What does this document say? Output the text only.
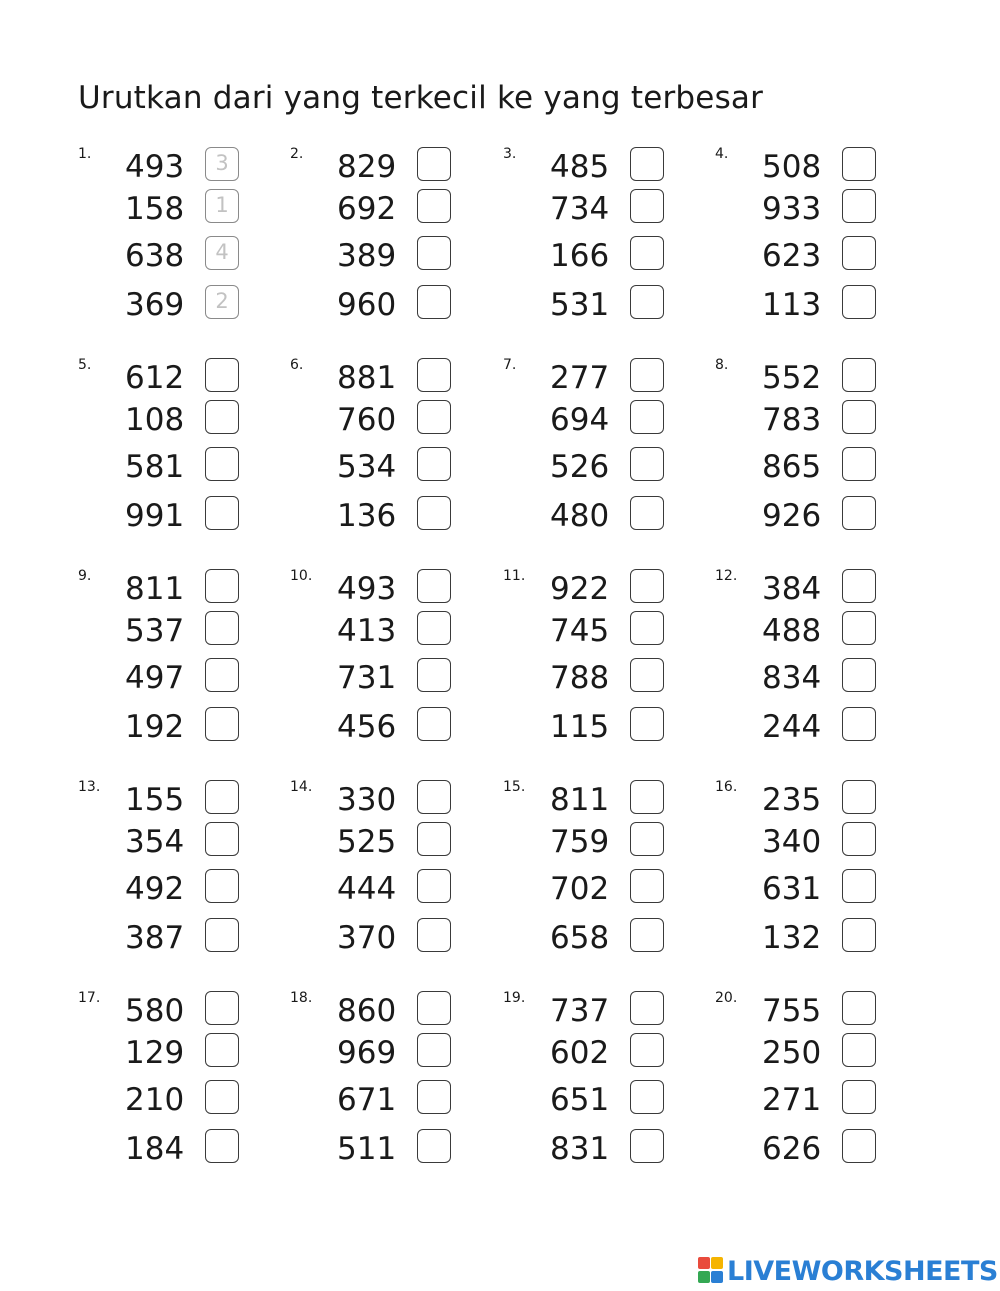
Urutkan dari yang terkecil ke yang terbesar
1.	493	3
158	1
638	4
369	2
2.	829
692
389
960
3.	485
734
166
531
4.	508
933
623
113
5.	612
108
581
991
6.	881
760
534
136
7.	277
694
526
480
8.	552
783
865
926
9.	811
537
497
192
10. 493
413
731
456
11. 922
745
788
115
12. 384
488
834
244
13. 155
354
492
387
14. 330
525
444
370
15. 811
759
702
658
16. 235
340
631
132
17. 580
129
210
184
18. 860
969
671
511
19. 737
602
651
831
20. 755
250
271
626
LIVEWORKSHEETS
